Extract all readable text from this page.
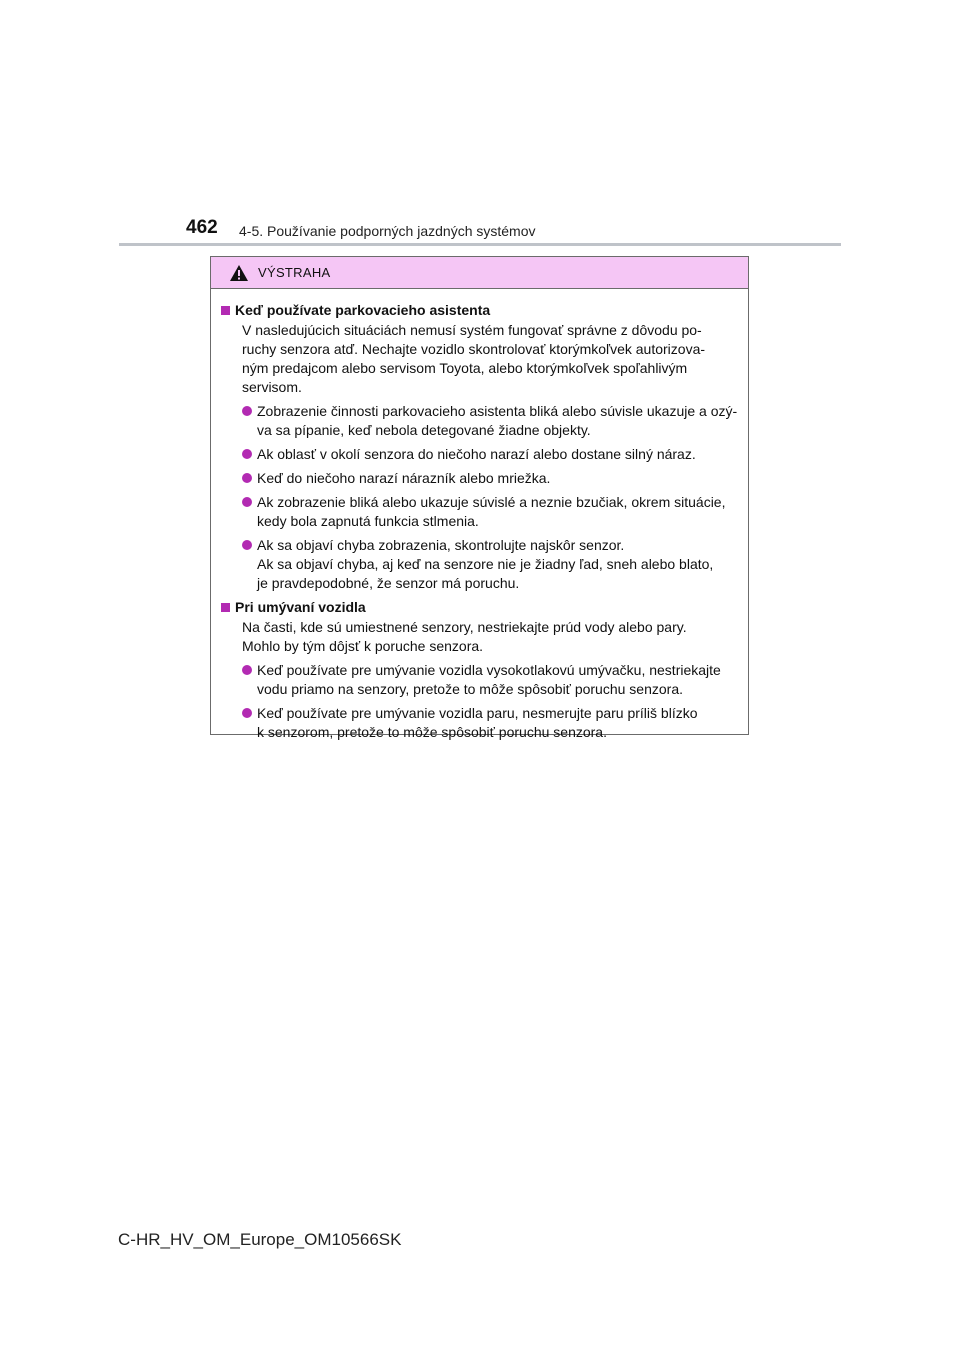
462 4-5. Používanie podporných jazdných systémov
VÝSTRAHA
Keď používate parkovacieho asistenta
V nasledujúcich situáciách nemusí systém fungovať správne z dôvodu po-
ruchy senzora atď. Nechajte vozidlo skontrolovať ktorýmkoľvek autorizova-
ným predajcom alebo servisom Toyota, alebo ktorýmkoľvek spoľahlivým
servisom.
Zobrazenie činnosti parkovacieho asistenta bliká alebo súvisle ukazuje a ozý-
va sa pípanie, keď nebola detegované žiadne objekty.
Ak oblasť v okolí senzora do niečoho narazí alebo dostane silný náraz.
Keď do niečoho narazí nárazník alebo mriežka.
Ak zobrazenie bliká alebo ukazuje súvislé a neznie bzučiak, okrem situácie,
kedy bola zapnutá funkcia stlmenia.
Ak sa objaví chyba zobrazenia, skontrolujte najskôr senzor.
Ak sa objaví chyba, aj keď na senzore nie je žiadny ľad, sneh alebo blato,
je pravdepodobné, že senzor má poruchu.
Pri umývaní vozidla
Na časti, kde sú umiestnené senzory, nestriekajte prúd vody alebo pary.
Mohlo by tým dôjsť k poruche senzora.
Keď používate pre umývanie vozidla vysokotlakovú umývačku, nestriekajte
vodu priamo na senzory, pretože to môže spôsobiť poruchu senzora.
Keď používate pre umývanie vozidla paru, nesmerujte paru príliš blízko
k senzorom, pretože to môže spôsobiť poruchu senzora.
C-HR_HV_OM_Europe_OM10566SK
